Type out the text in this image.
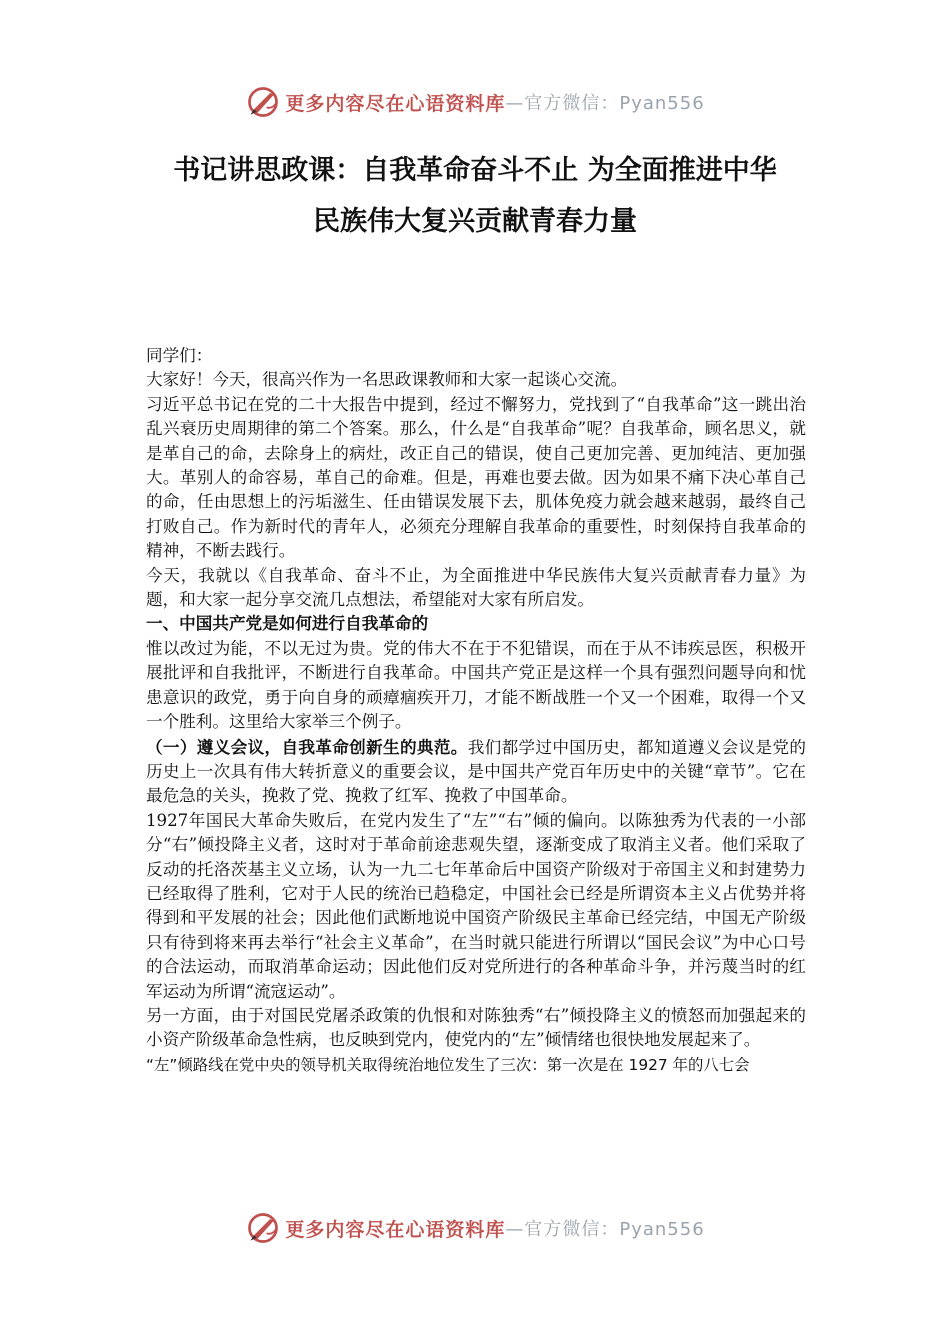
更多内容尽在心语资料库 —官方微信：Pyan556
书记讲思政课：自我革命奋斗不止 为全面推进中华
民族伟大复兴贡献青春力量

同学们：

大家好！今天，很高兴作为一名思政课教师和大家一起谈心交流。

习近平总书记在党的二十大报告中提到，经过不懈努力，党找到了“自我革命”这一跳出治乱兴衰历史周期律的第二个答案。那么，什么是“自我革命”呢？自我革命，顾名思义，就是革自己的命，去除身上的病灶，改正自己的错误，使自己更加完善、更加纯洁、更加强大。革别人的命容易，革自己的命难。但是，再难也要去做。因为如果不痛下决心革自己的命，任由思想上的污垢滋生、任由错误发展下去，肌体免疫力就会越来越弱，最终自己打败自己。作为新时代的青年人，必须充分理解自我革命的重要性，时刻保持自我革命的精神，不断去践行。

今天，我就以《自我革命、奋斗不止，为全面推进中华民族伟大复兴贡献青春力量》为题，和大家一起分享交流几点想法，希望能对大家有所启发。

一、中国共产党是如何进行自我革命的

惟以改过为能，不以无过为贵。党的伟大不在于不犯错误，而在于从不讳疾忌医，积极开展批评和自我批评，不断进行自我革命。中国共产党正是这样一个具有强烈问题导向和忧患意识的政党，勇于向自身的顽瘴痼疾开刀，才能不断战胜一个又一个困难，取得一个又一个胜利。这里给大家举三个例子。

（一）遵义会议，自我革命创新生的典范。我们都学过中国历史，都知道遵义会议是党的历史上一次具有伟大转折意义的重要会议，是中国共产党百年历史中的关键“章节”。它在最危急的关头，挽救了党、挽救了红军、挽救了中国革命。

1927年国民大革命失败后，在党内发生了“左”“右”倾的偏向。以陈独秀为代表的一小部分“右”倾投降主义者，这时对于革命前途悲观失望，逐渐变成了取消主义者。他们采取了反动的托洛茨基主义立场，认为一九二七年革命后中国资产阶级对于帝国主义和封建势力已经取得了胜利，它对于人民的统治已趋稳定，中国社会已经是所谓资本主义占优势并将得到和平发展的社会；因此他们武断地说中国资产阶级民主革命已经完结，中国无产阶级只有待到将来再去举行“社会主义革命”，在当时就只能进行所谓以“国民会议”为中心口号的合法运动，而取消革命运动；因此他们反对党所进行的各种革命斗争，并污蔑当时的红军运动为所谓“流寇运动”。

另一方面，由于对国民党屠杀政策的仇恨和对陈独秀“右”倾投降主义的愤怒而加强起来的小资产阶级革命急性病，也反映到党内，使党内的“左”倾情绪也很快地发展起来了。

“左”倾路线在党中央的领导机关取得统治地位发生了三次：第一次是在 1927 年的八七会

更多内容尽在心语资料库 —官方微信：Pyan556
